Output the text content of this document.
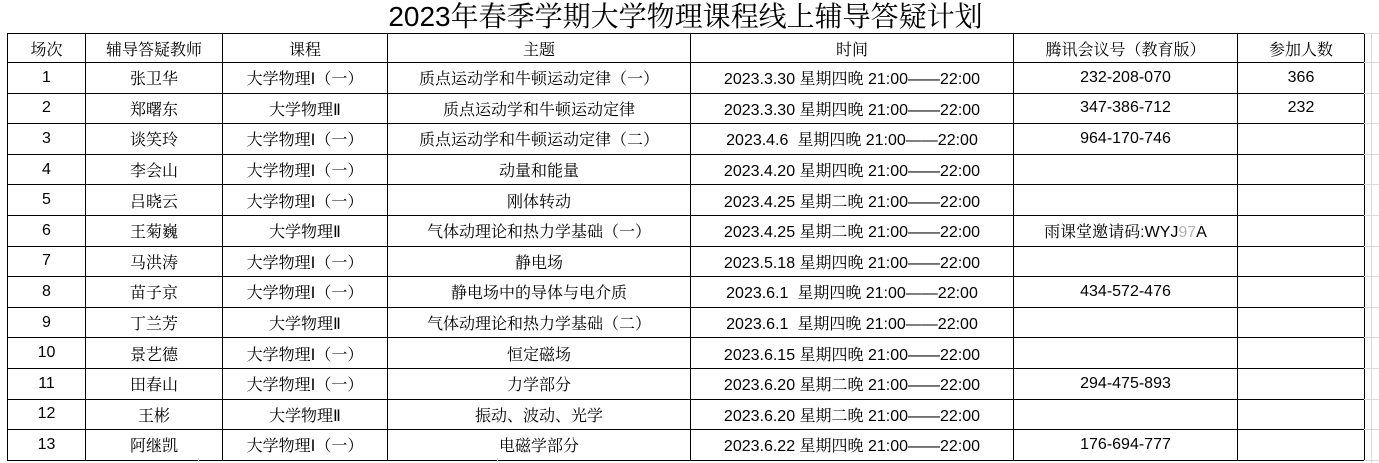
2023年春季学期大学物理课程线上辅导答疑计划
场次	辅导答疑教师	课程	主题	时间	腾讯会议号（教育版）	参加人数
1	张卫华	大学物理Ⅰ（一）	质点运动学和牛顿运动定律（一）	2023.3.30 星期四晚 21:00——22:00	232-208-070	366
2	郑曙东	大学物理Ⅱ	质点运动学和牛顿运动定律	2023.3.30 星期四晚 21:00——22:00	347-386-712	232
3	谈笑玲	大学物理Ⅰ（一）	质点运动学和牛顿运动定律（二）	2023.4.6  星期四晚 21:00——22:00	964-170-746	
4	李会山	大学物理Ⅰ（一）	动量和能量	2023.4.20 星期四晚 21:00——22:00		
5	吕晓云	大学物理Ⅰ（一）	刚体转动	2023.4.25 星期二晚 21:00——22:00		
6	王菊巍	大学物理Ⅱ	气体动理论和热力学基础（一）	2023.4.25 星期二晚 21:00——22:00	雨课堂邀请码:WYJ97A	
7	马洪涛	大学物理Ⅰ（一）	静电场	2023.5.18 星期四晚 21:00——22:00		
8	苗子京	大学物理Ⅰ（一）	静电场中的导体与电介质	2023.6.1  星期四晚 21:00——22:00	434-572-476	
9	丁兰芳	大学物理Ⅱ	气体动理论和热力学基础（二）	2023.6.1  星期四晚 21:00——22:00		
10	景艺德	大学物理Ⅰ（一）	恒定磁场	2023.6.15 星期四晚 21:00——22:00		
11	田春山	大学物理Ⅰ（一）	力学部分	2023.6.20 星期二晚 21:00——22:00	294-475-893	
12	王彬	大学物理Ⅱ	振动、波动、光学	2023.6.20 星期二晚 21:00——22:00		
13	阿继凯	大学物理Ⅰ（一）	电磁学部分	2023.6.22 星期四晚 21:00——22:00	176-694-777	
